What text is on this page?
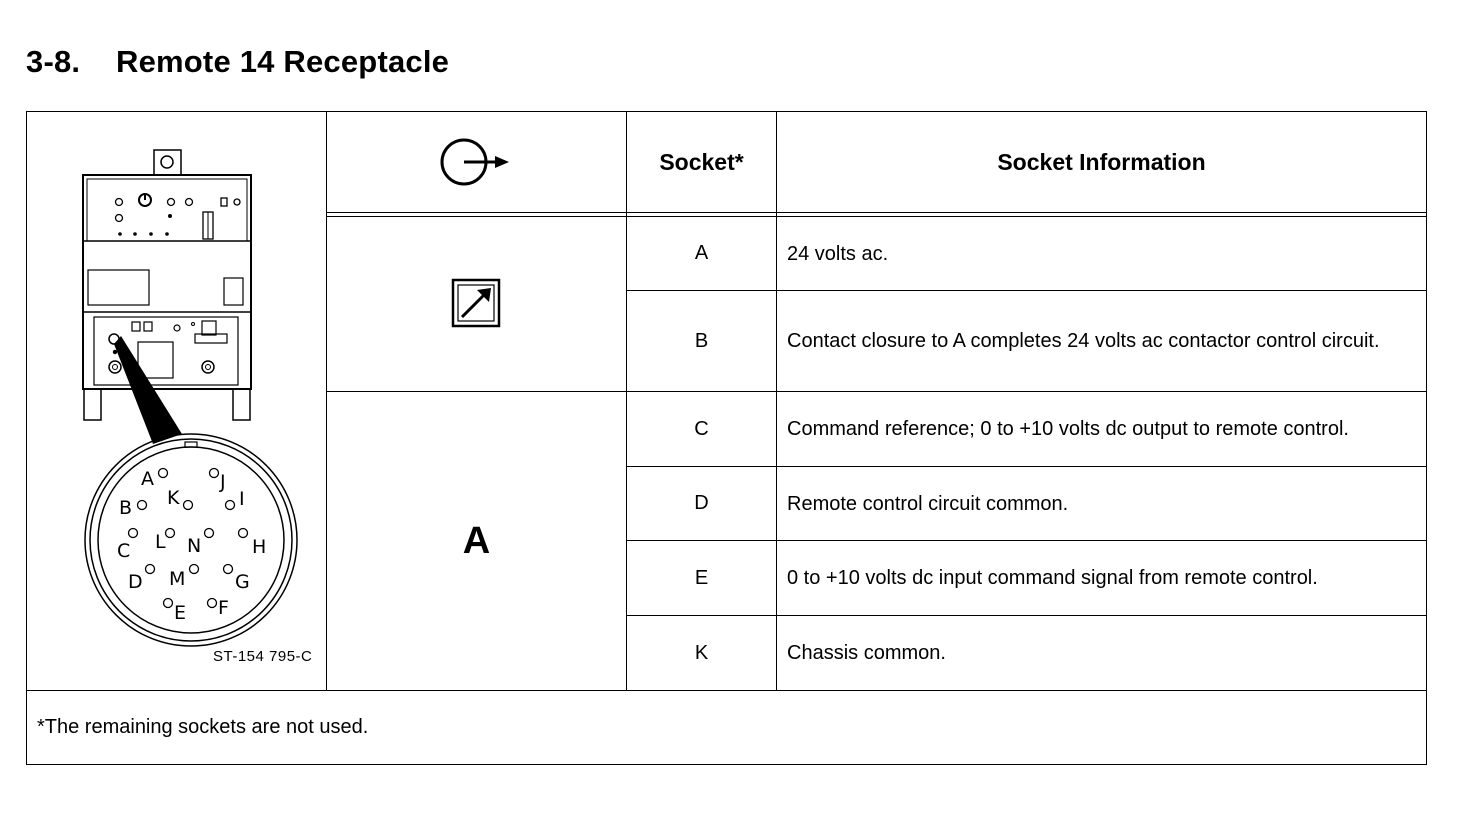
3-8. Remote 14 Receptacle
Socket*	Socket Information
A
A	24 volts ac.
B	Contact closure to A completes 24 volts ac contactor control circuit.
C	Command reference; 0 to +10 volts dc output to remote control.
D	Remote control circuit common.
E	0 to +10 volts dc input command signal from remote control.
K	Chassis common.
*The remaining sockets are not used.
A	J
B K	I
C L N	H
D M	G
E F
ST-154 795-C
